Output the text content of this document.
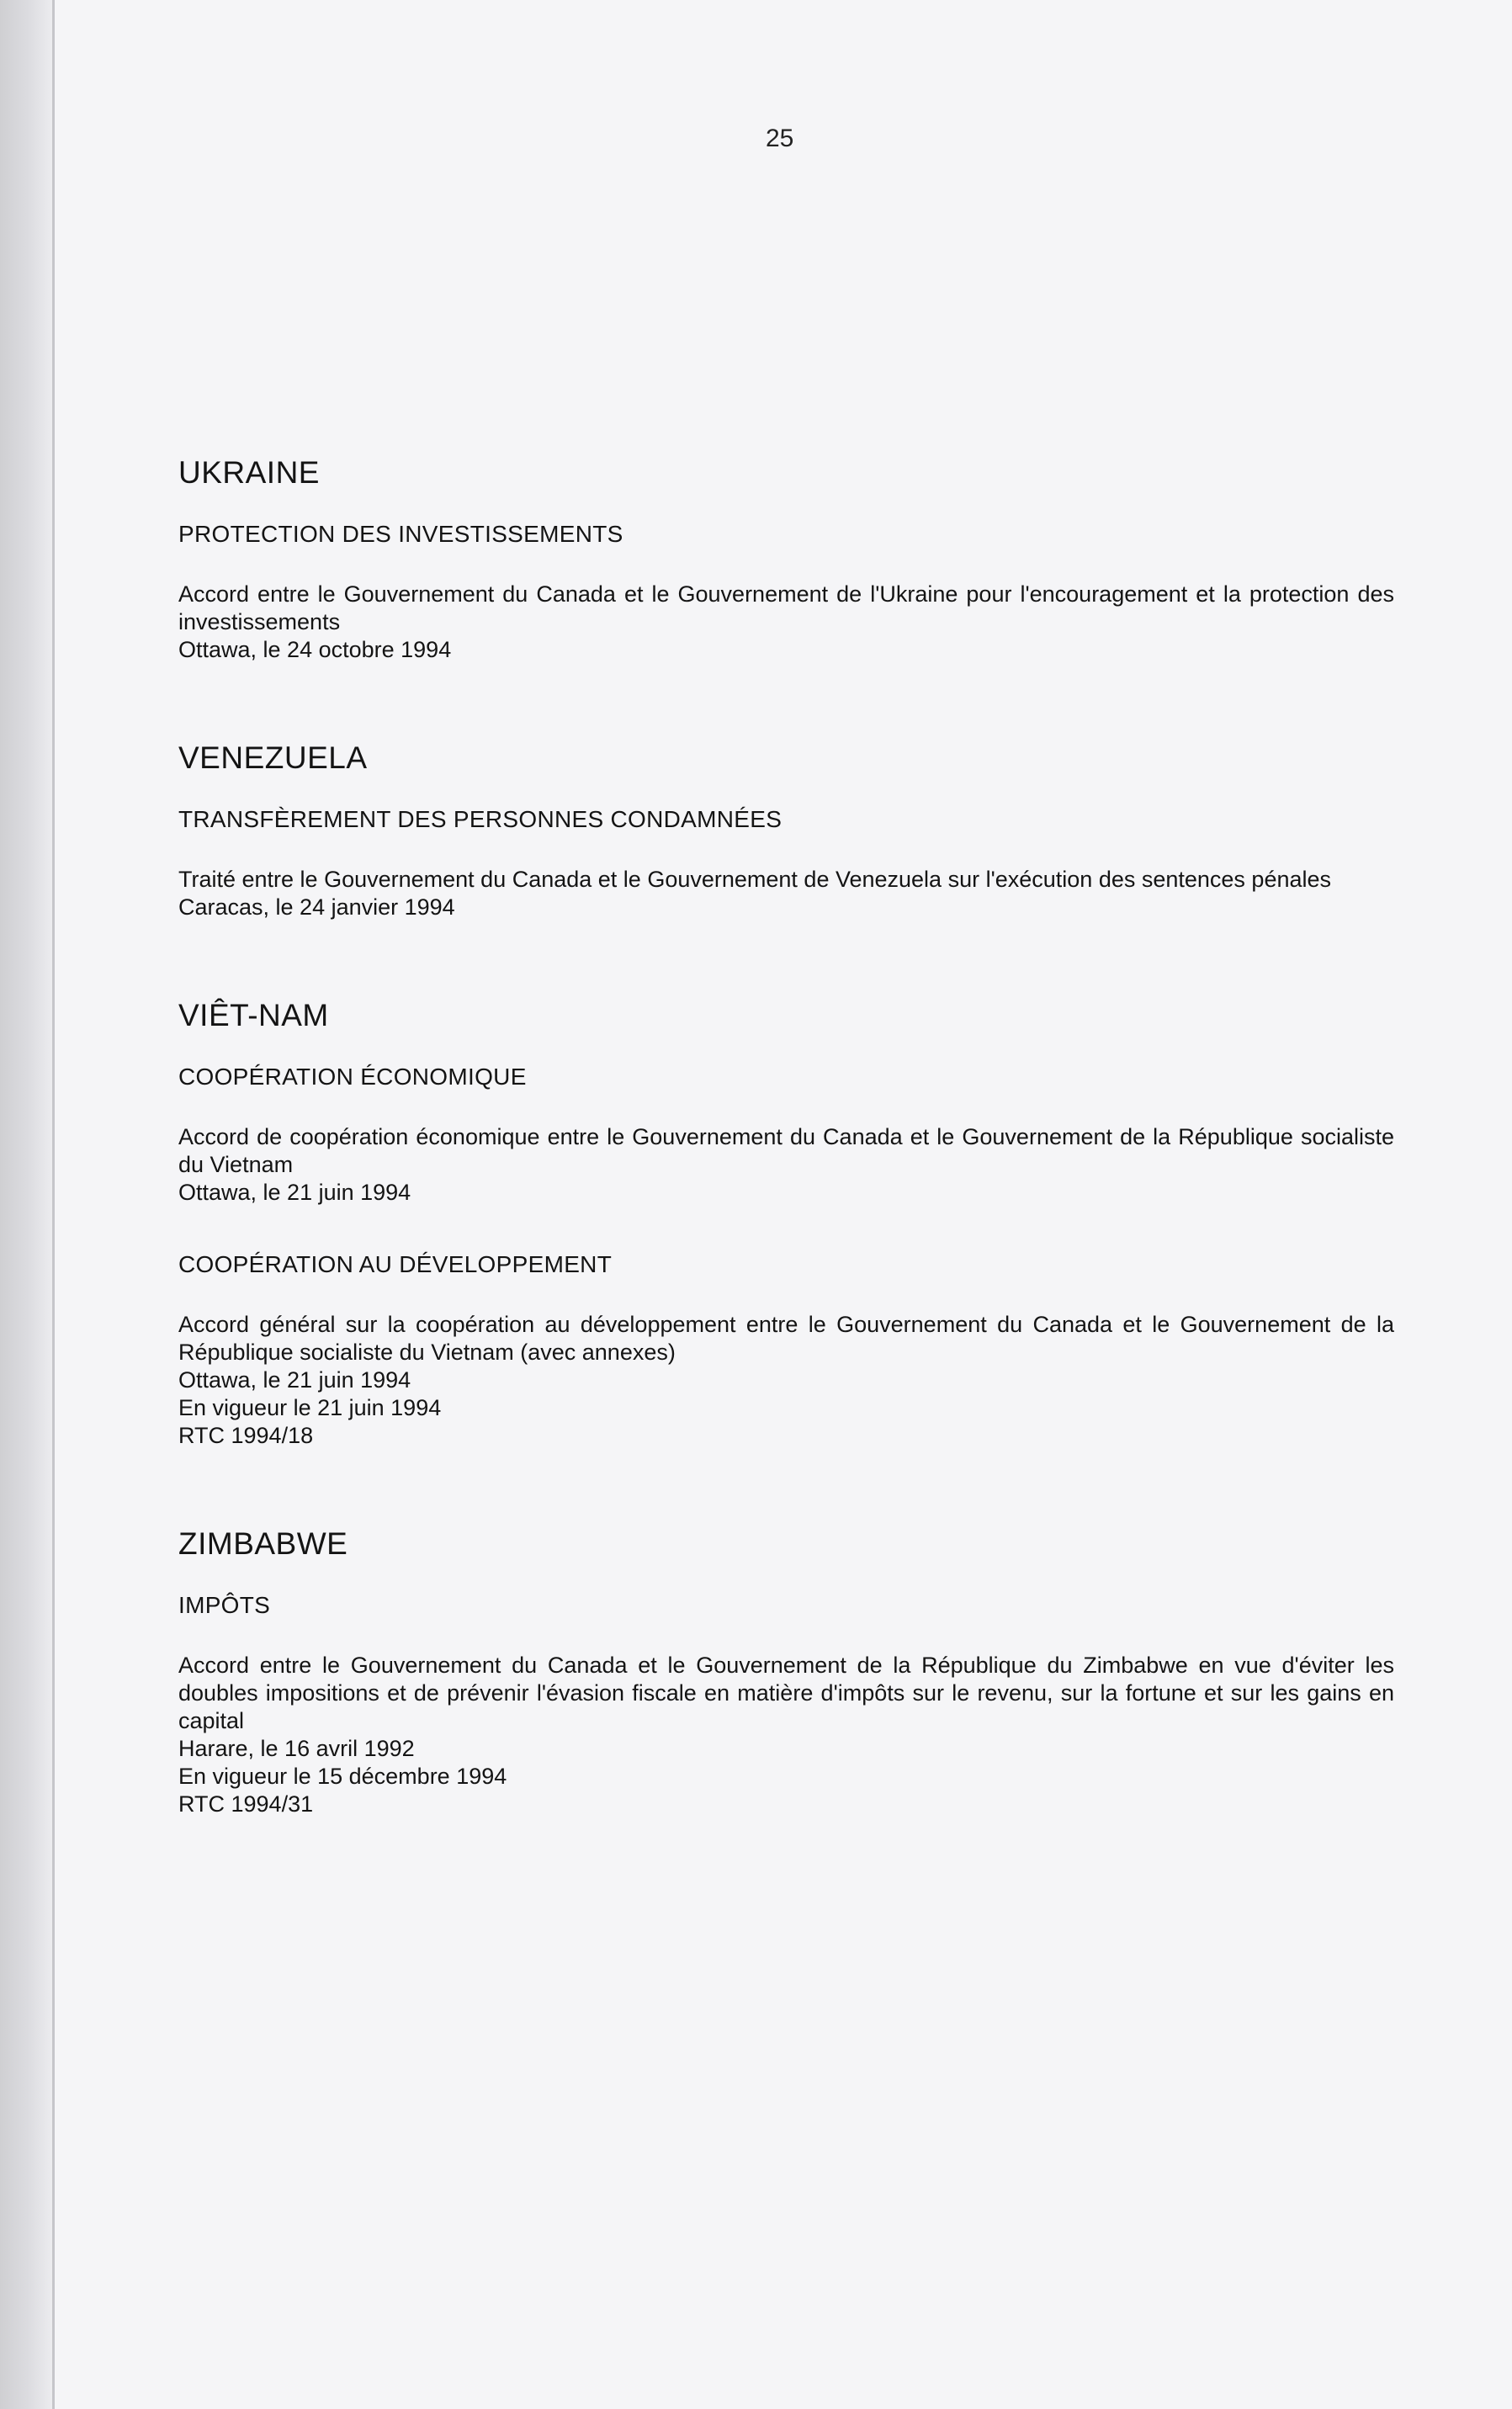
25
UKRAINE
PROTECTION DES INVESTISSEMENTS
Accord entre le Gouvernement du Canada et le Gouvernement de l'Ukraine pour l'encouragement et la protection des investissements
Ottawa, le 24 octobre 1994
VENEZUELA
TRANSFÈREMENT DES PERSONNES CONDAMNÉES
Traité entre le Gouvernement du Canada et le Gouvernement de Venezuela sur l'exécution des sentences pénales
Caracas, le 24 janvier 1994
VIÊT-NAM
COOPÉRATION ÉCONOMIQUE
Accord de coopération économique entre le Gouvernement du Canada et le Gouvernement de la République socialiste du Vietnam
Ottawa, le 21 juin 1994
COOPÉRATION AU DÉVELOPPEMENT
Accord général sur la coopération au développement entre le Gouvernement du Canada et le Gouvernement de la République socialiste du Vietnam (avec annexes)
Ottawa, le 21 juin 1994
En vigueur le 21 juin 1994
RTC 1994/18
ZIMBABWE
IMPÔTS
Accord entre le Gouvernement du Canada et le Gouvernement de la République du Zimbabwe en vue d'éviter les doubles impositions et de prévenir l'évasion fiscale en matière d'impôts sur le revenu, sur la fortune et sur les gains en capital
Harare, le 16 avril 1992
En vigueur le 15 décembre 1994
RTC 1994/31
